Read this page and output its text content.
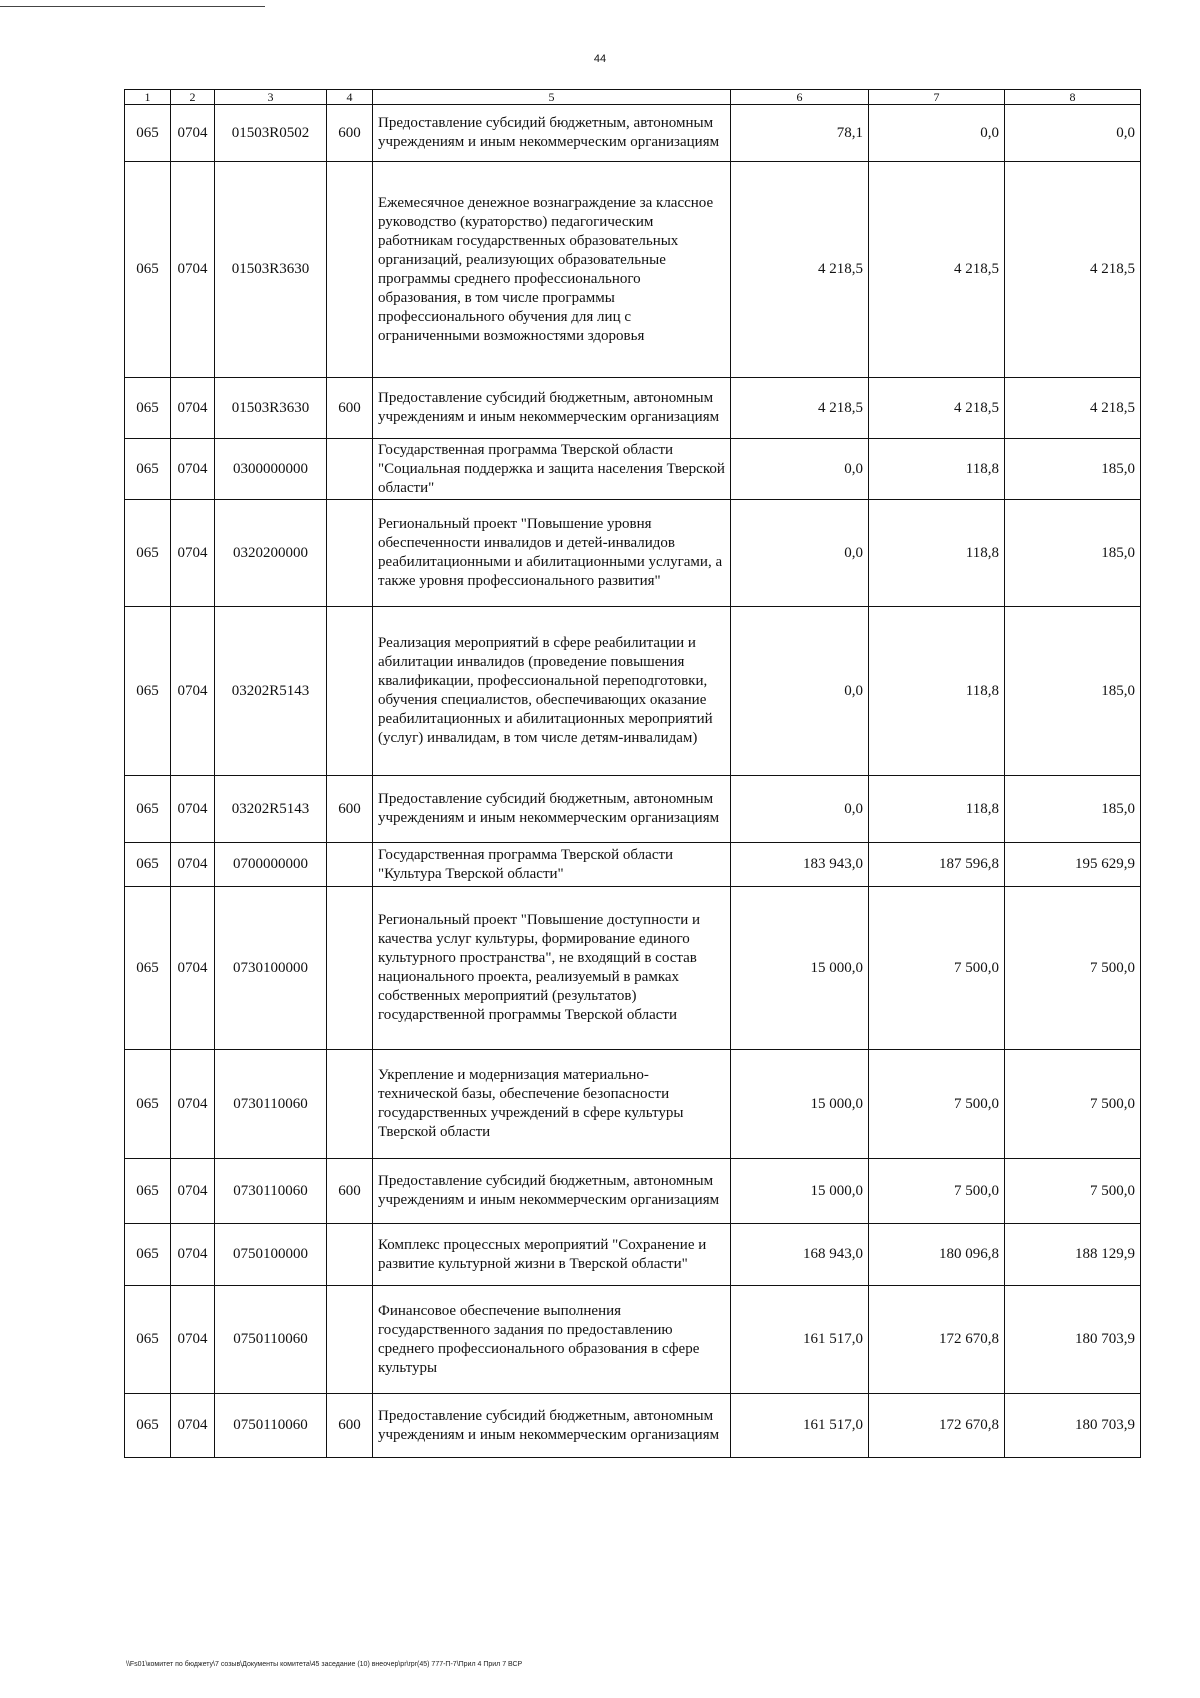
44
1	2	3	4	5	6	7	8
065	0704	01503R0502	600	Предоставление субсидий бюджетным, автономным учреждениям и иным некоммерческим организациям	78,1	0,0	0,0
065	0704	01503R3630		Ежемесячное денежное вознаграждение за классное руководство (кураторство) педагогическим работникам государственных образовательных организаций, реализующих образовательные программы среднего профессионального образования, в том числе программы профессионального обучения для лиц с ограниченными возможностями здоровья	4 218,5	4 218,5	4 218,5
065	0704	01503R3630	600	Предоставление субсидий бюджетным, автономным учреждениям и иным некоммерческим организациям	4 218,5	4 218,5	4 218,5
065	0704	0300000000		Государственная программа Тверской области "Социальная поддержка и защита населения Тверской области"	0,0	118,8	185,0
065	0704	0320200000		Региональный проект "Повышение уровня обеспеченности инвалидов и детей-инвалидов реабилитационными и абилитационными услугами, а также уровня профессионального развития"	0,0	118,8	185,0
065	0704	03202R5143		Реализация мероприятий в сфере реабилитации и абилитации инвалидов (проведение повышения квалификации, профессиональной переподготовки, обучения специалистов, обеспечивающих оказание реабилитационных и абилитационных мероприятий (услуг) инвалидам, в том числе детям-инвалидам)	0,0	118,8	185,0
065	0704	03202R5143	600	Предоставление субсидий бюджетным, автономным учреждениям и иным некоммерческим организациям	0,0	118,8	185,0
065	0704	0700000000		Государственная программа Тверской области "Культура Тверской области"	183 943,0	187 596,8	195 629,9
065	0704	0730100000		Региональный проект "Повышение доступности и качества услуг культуры, формирование единого культурного пространства", не входящий в состав национального проекта, реализуемый в рамках собственных мероприятий (результатов) государственной программы Тверской области	15 000,0	7 500,0	7 500,0
065	0704	0730110060		Укрепление и модернизация материально-технической базы, обеспечение безопасности государственных учреждений в сфере культуры Тверской области	15 000,0	7 500,0	7 500,0
065	0704	0730110060	600	Предоставление субсидий бюджетным, автономным учреждениям и иным некоммерческим организациям	15 000,0	7 500,0	7 500,0
065	0704	0750100000		Комплекс процессных мероприятий "Сохранение и развитие культурной жизни в Тверской области"	168 943,0	180 096,8	188 129,9
065	0704	0750110060		Финансовое обеспечение выполнения государственного задания по предоставлению среднего профессионального образования в сфере культуры	161 517,0	172 670,8	180 703,9
065	0704	0750110060	600	Предоставление субсидий бюджетным, автономным учреждениям и иным некоммерческим организациям	161 517,0	172 670,8	180 703,9
\\Fs01\комитет по бюджету\7 созыв\Документы комитета\45 заседание (10) внеочер\pr\rpr(45) 777-П-7\Прил 4 Прил 7 ВСР
